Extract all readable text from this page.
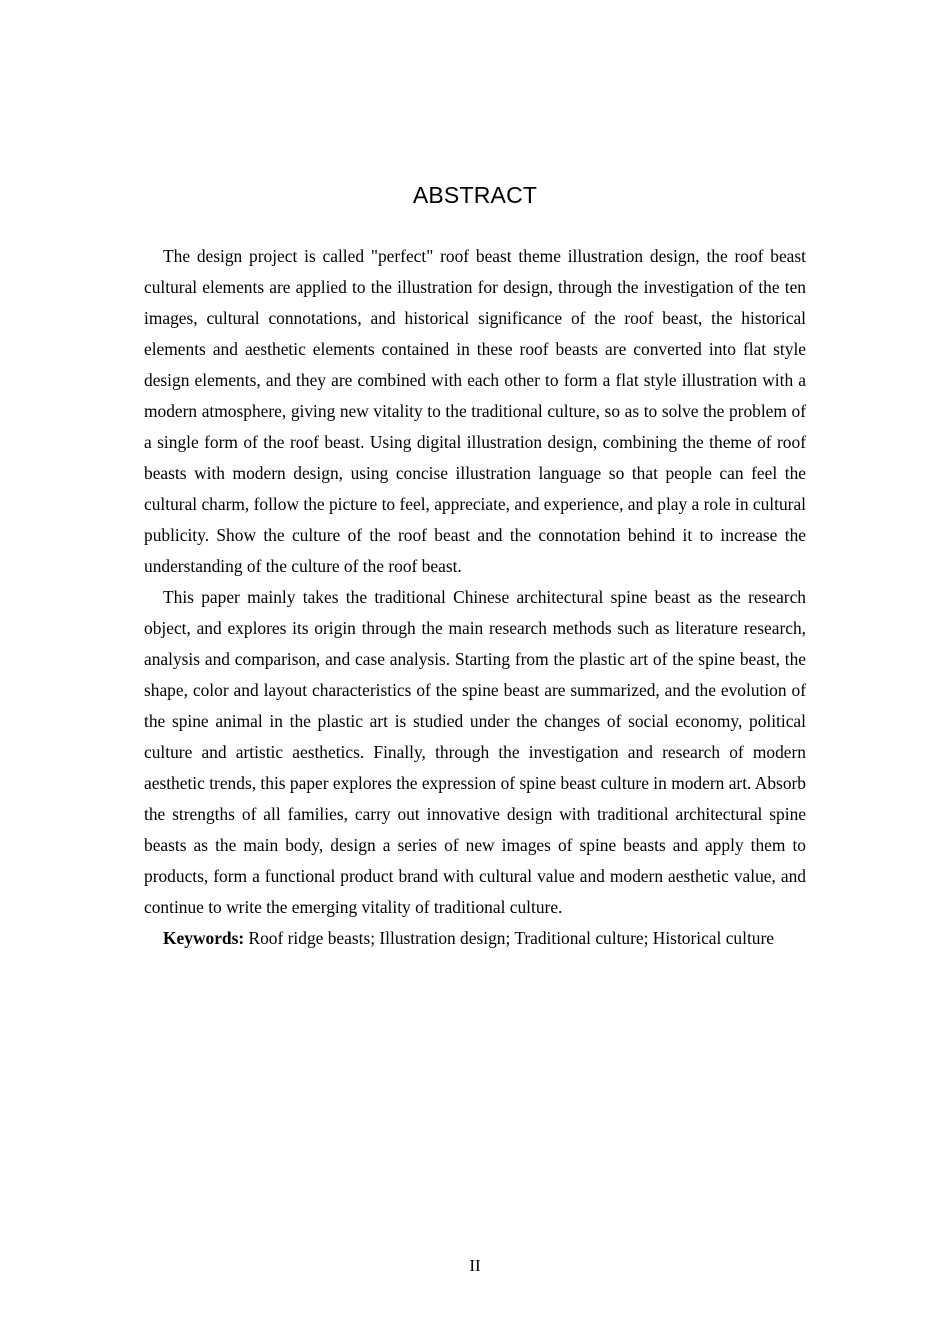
ABSTRACT

The design project is called "perfect" roof beast theme illustration design, the roof beast cultural elements are applied to the illustration for design, through the investigation of the ten images, cultural connotations, and historical significance of the roof beast, the historical elements and aesthetic elements contained in these roof beasts are converted into flat style design elements, and they are combined with each other to form a flat style illustration with a modern atmosphere, giving new vitality to the traditional culture, so as to solve the problem of a single form of the roof beast. Using digital illustration design, combining the theme of roof beasts with modern design, using concise illustration language so that people can feel the cultural charm, follow the picture to feel, appreciate, and experience, and play a role in cultural publicity. Show the culture of the roof beast and the connotation behind it to increase the understanding of the culture of the roof beast.

This paper mainly takes the traditional Chinese architectural spine beast as the research object, and explores its origin through the main research methods such as literature research, analysis and comparison, and case analysis. Starting from the plastic art of the spine beast, the shape, color and layout characteristics of the spine beast are summarized, and the evolution of the spine animal in the plastic art is studied under the changes of social economy, political culture and artistic aesthetics. Finally, through the investigation and research of modern aesthetic trends, this paper explores the expression of spine beast culture in modern art. Absorb the strengths of all families, carry out innovative design with traditional architectural spine beasts as the main body, design a series of new images of spine beasts and apply them to products, form a functional product brand with cultural value and modern aesthetic value, and continue to write the emerging vitality of traditional culture.

Keywords: Roof ridge beasts; Illustration design; Traditional culture; Historical culture

II
